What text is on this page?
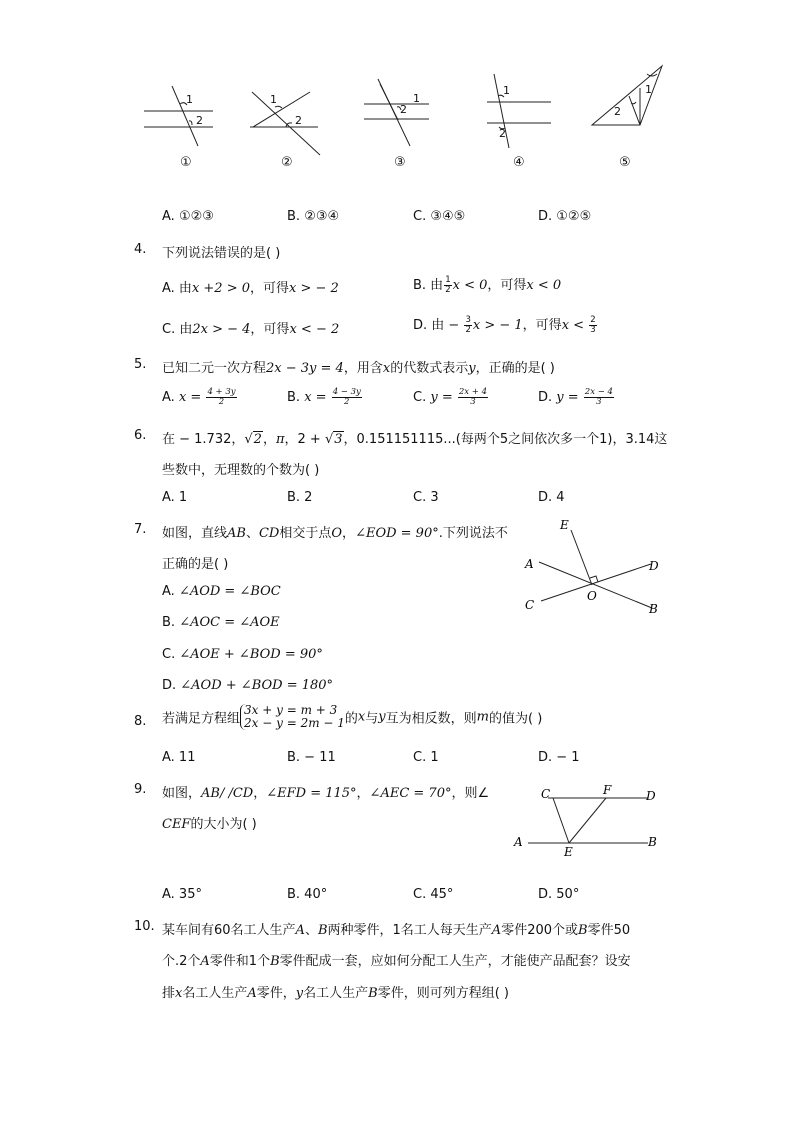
1
2
1
2
1
2
1
2
1
2
①	②	③	④	⑤
A. ①②③	B. ②③④	C. ③④⑤	D. ①②⑤
4. 下列说法错误的是( )
A. 由x +2 > 0，可得x > − 2	B. 由 $\frac{1}{2}$ x < 0，可得x < 0
C. 由2x > − 4，可得x < − 2	D. 由 − $\frac{3}{2}$ x > − 1，可得$x < \frac{2}{3}$
5. 已知二元一次方程2x − 3y = 4，用含x的代数式表示y，正确的是( )
A. $x = \frac{4 + 3y}{2}$	B. $x = \frac{4 - 3y}{2}$	C. $y = \frac{2x + 4}{3}$	D. $y = \frac{2x - 4}{3}$
6. 在 − 1.732，√2，π，2 + √3，0.151151115...(每两个5之间依次多一个1)，3.14这
些数中，无理数的个数为( )
A. 1	B. 2	C. 3	D. 4
7. 如图，直线AB、CD相交于点O，∠EOD = 90°.下列说法不
正确的是( )
A. ∠AOD = ∠BOC
B. ∠AOC = ∠AOE
C. ∠AOE + ∠BOD = 90°
D. ∠AOD + ∠BOD = 180°
E
A	D
C
O
B
8. 若满足方程组3x + y = m + 3
2x − y = 2m − 1的x与y互为相反数，则m的值为( )
A. 11	B. − 11	C. 1	D. − 1
9. 如图，AB/ /CD，∠EFD = 115°，∠AEC = 70°，则∠
CEF的大小为( )
C	F	D
A
E
B
A. 35°	B. 40°	C. 45°	D. 50°
10. 某车间有60名工人生产A、B两种零件，1名工人每天生产A零件200个或B零件50
个.2个A零件和1个B零件配成一套，应如何分配工人生产，才能使产品配套？设安
排x名工人生产A零件，y名工人生产B零件，则可列方程组( )
